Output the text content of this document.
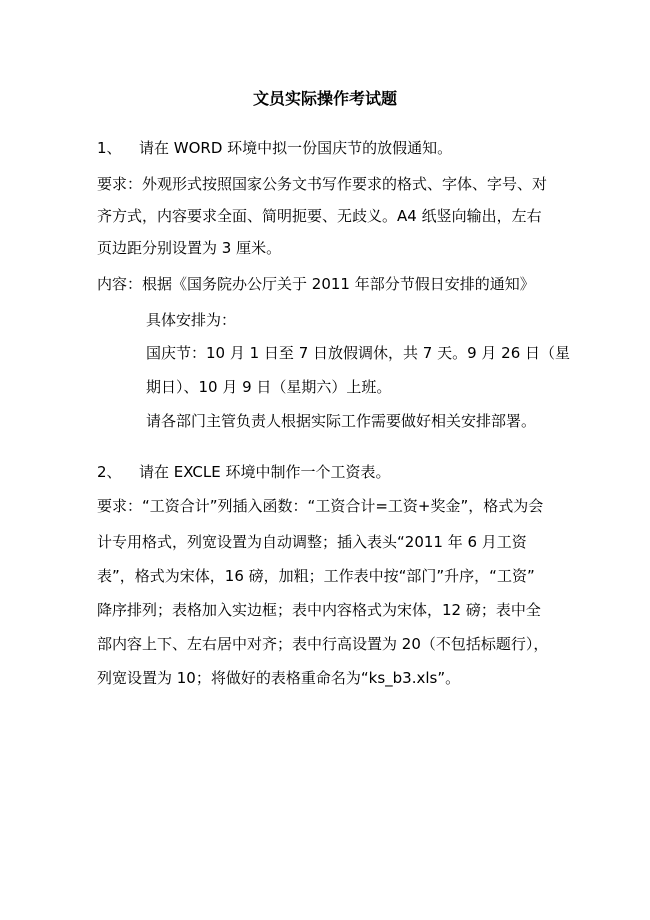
文员实际操作考试题
1、 请在 WORD 环境中拟一份国庆节的放假通知。
要求：外观形式按照国家公务文书写作要求的格式、字体、字号、对
齐方式，内容要求全面、简明扼要、无歧义。A4 纸竖向输出，左右
页边距分别设置为 3 厘米。
内容：根据《国务院办公厅关于 2011 年部分节假日安排的通知》
具体安排为：
国庆节：10 月 1 日至 7 日放假调休，共 7 天。9 月 26 日（星
期日）、10 月 9 日（星期六）上班。
请各部门主管负责人根据实际工作需要做好相关安排部署。
2、 请在 EXCLE 环境中制作一个工资表。
要求：“工资合计”列插入函数：“工资合计=工资+奖金”，格式为会
计专用格式，列宽设置为自动调整；插入表头“2011 年 6 月工资
表”，格式为宋体，16 磅，加粗；工作表中按“部门”升序，“工资”
降序排列；表格加入实边框；表中内容格式为宋体，12 磅；表中全
部内容上下、左右居中对齐；表中行高设置为 20（不包括标题行），
列宽设置为 10；将做好的表格重命名为“ks_b3.xls”。
